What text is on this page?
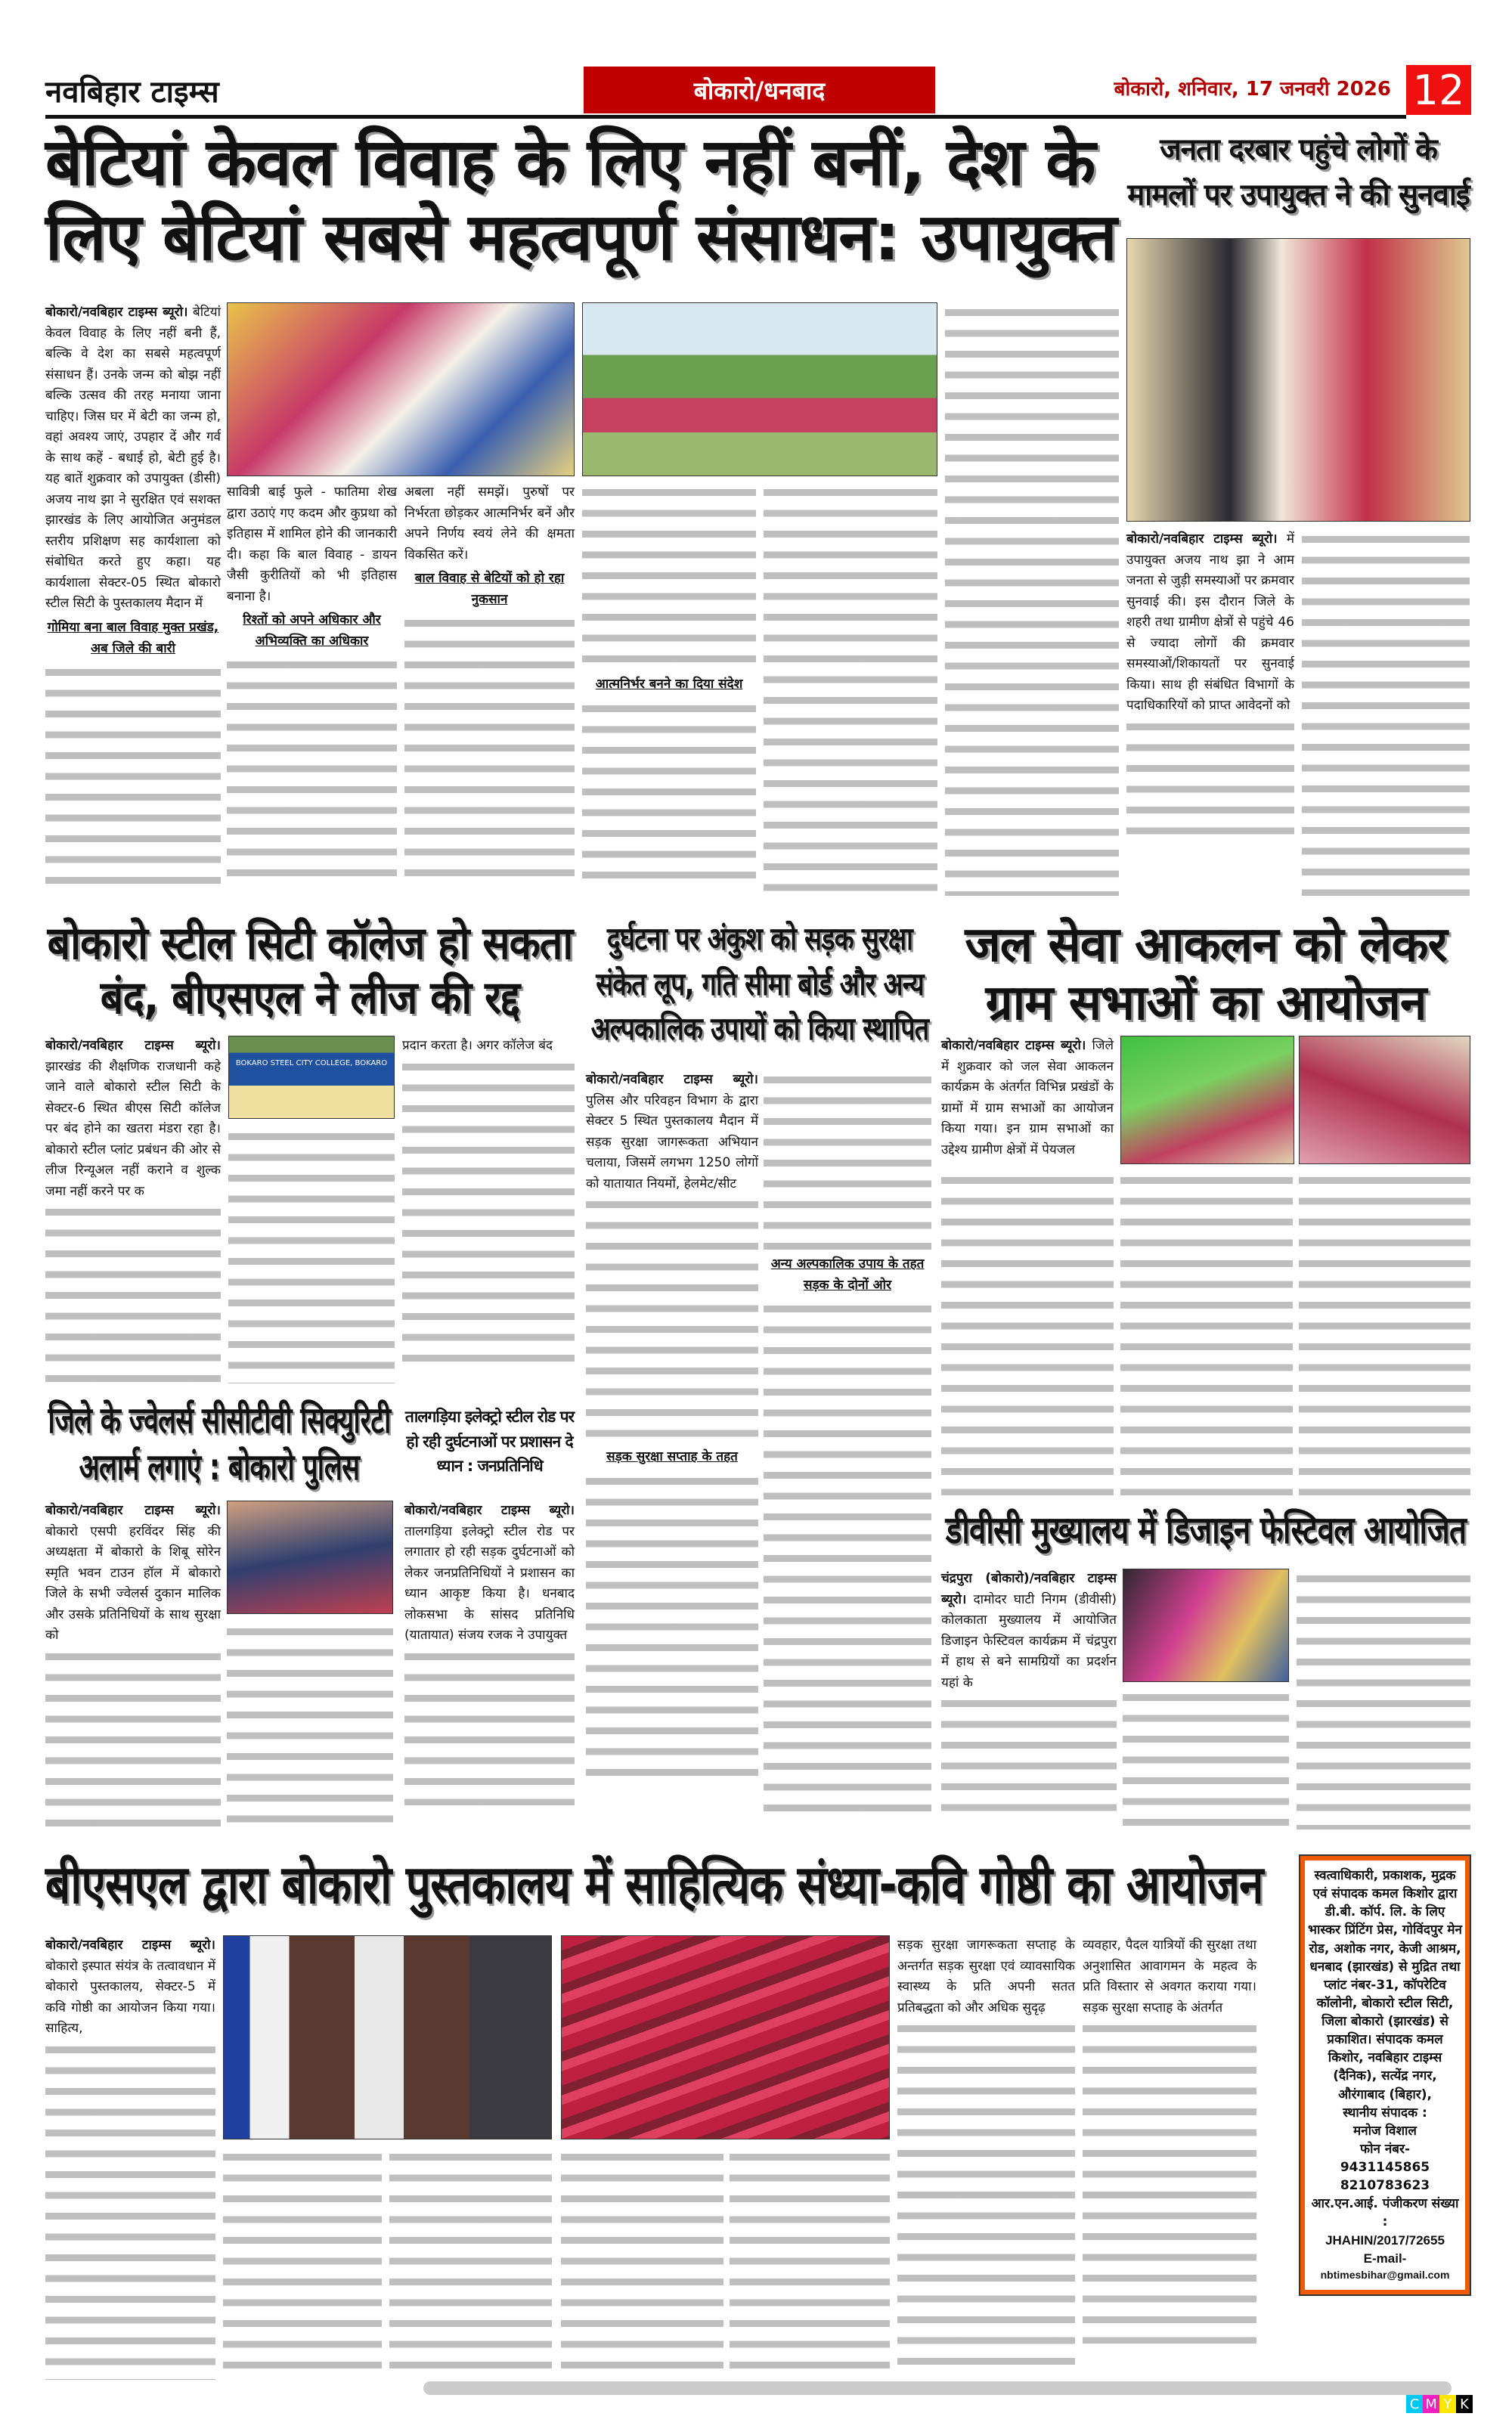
नवबिहार टाइम्स	बोकारो/धनबाद	बोकारो, शनिवार, 17 जनवरी 2026 12
बेटियां केवल विवाह के लिए नहीं बनीं, देश के लिए बेटियां सबसे महत्वपूर्ण संसाधन: उपायुक्त
बोकारो/नवबिहार टाइम्स ब्यूरो। बेटियां केवल विवाह के लिए नहीं बनी हैं, बल्कि वे देश का सबसे महत्वपूर्ण संसाधन हैं। उनके जन्म को बोझ नहीं बल्कि उत्सव की तरह मनाया जाना चाहिए। जिस घर में बेटी का जन्म हो, वहां अवश्य जाएं, उपहार दें और गर्व के साथ कहें - बधाई हो, बेटी हुई है। यह बातें शुक्रवार को उपायुक्त (डीसी) अजय नाथ झा ने सुरक्षित एवं सशक्त झारखंड के लिए आयोजित अनुमंडल स्तरीय प्रशिक्षण सह कार्यशाला को संबोधित करते हुए कहा। यह कार्यशाला सेक्टर-05 स्थित बोकारो स्टील सिटी के पुस्तकालय मैदान में
गोमिया बना बाल विवाह मुक्त प्रखंड, अब जिले की बारी
सावित्री बाई फुले - फातिमा शेख द्वारा उठाएं गए कदम और कुप्रथा को इतिहास में शामिल होने की जानकारी दी। कहा कि बाल विवाह - डायन जैसी कुरीतियों को भी इतिहास बनाना है।
रिश्तों को अपने अधिकार और अभिव्यक्ति का अधिकार
अबला नहीं समझें। पुरुषों पर निर्भरता छोड़कर आत्मनिर्भर बनें और अपने निर्णय स्वयं लेने की क्षमता विकसित करें।
बाल विवाह से बेटियों को हो रहा नुकसान
आत्मनिर्भर बनने का दिया संदेश
जनता दरबार पहुंचे लोगों के मामलों पर उपायुक्त ने की सुनवाई
बोकारो/नवबिहार टाइम्स ब्यूरो। में उपायुक्त अजय नाथ झा ने आम जनता से जुड़ी समस्याओं पर क्रमवार सुनवाई की। इस दौरान जिले के शहरी तथा ग्रामीण क्षेत्रों से पहुंचे 46 से ज्यादा लोगों की क्रमवार समस्याओं/शिकायतों पर सुनवाई किया। साथ ही संबंधित विभागों के पदाधिकारियों को प्राप्त आवेदनों को
बोकारो स्टील सिटी कॉलेज हो सकता बंद, बीएसएल ने लीज की रद्द
बोकारो/नवबिहार टाइम्स ब्यूरो। झारखंड की शैक्षणिक राजधानी कहे जाने वाले बोकारो स्टील सिटी के सेक्टर-6 स्थित बीएस सिटी कॉलेज पर बंद होने का खतरा मंडरा रहा है। बोकारो स्टील प्लांट प्रबंधन की ओर से लीज रिन्यूअल नहीं कराने व शुल्क जमा नहीं करने पर क
BOKARO STEEL CITY COLLEGE, BOKARO
प्रदान करता है। अगर कॉलेज बंद
दुर्घटना पर अंकुश को सड़क सुरक्षा संकेत लूप, गति सीमा बोर्ड और अन्य अल्पकालिक उपायों को किया स्थापित
बोकारो/नवबिहार टाइम्स ब्यूरो। पुलिस और परिवहन विभाग के द्वारा सेक्टर 5 स्थित पुस्तकालय मैदान में सड़क सुरक्षा जागरूकता अभियान चलाया, जिसमें लगभग 1250 लोगों को यातायात नियमों, हेलमेट/सीट
सड़क सुरक्षा सप्ताह के तहत
अन्य अल्पकालिक उपाय के तहत सड़क के दोनों ओर
जल सेवा आकलन को लेकर ग्राम सभाओं का आयोजन
बोकारो/नवबिहार टाइम्स ब्यूरो। जिले में शुक्रवार को जल सेवा आकलन कार्यक्रम के अंतर्गत विभिन्न प्रखंडों के ग्रामों में ग्राम सभाओं का आयोजन किया गया। इन ग्राम सभाओं का उद्देश्य ग्रामीण क्षेत्रों में पेयजल
जिले के ज्वेलर्स सीसीटीवी सिक्युरिटी अलार्म लगाएं : बोकारो पुलिस
बोकारो/नवबिहार टाइम्स ब्यूरो। बोकारो एसपी हरविंदर सिंह की अध्यक्षता में बोकारो के शिबू सोरेन स्मृति भवन टाउन हॉल में बोकारो जिले के सभी ज्वेलर्स दुकान मालिक और उसके प्रतिनिधियों के साथ सुरक्षा को
तालगड़िया इलेक्ट्रो स्टील रोड पर हो रही दुर्घटनाओं पर प्रशासन दे ध्यान : जनप्रतिनिधि
बोकारो/नवबिहार टाइम्स ब्यूरो। तालगड़िया इलेक्ट्रो स्टील रोड पर लगातार हो रही सड़क दुर्घटनाओं को लेकर जनप्रतिनिधियों ने प्रशासन का ध्यान आकृष्ट किया है। धनबाद लोकसभा के सांसद प्रतिनिधि (यातायात) संजय रजक ने उपायुक्त
डीवीसी मुख्यालय में डिजाइन फेस्टिवल आयोजित
चंद्रपुरा (बोकारो)/नवबिहार टाइम्स ब्यूरो। दामोदर घाटी निगम (डीवीसी) कोलकाता मुख्यालय में आयोजित डिजाइन फेस्टिवल कार्यक्रम में चंद्रपुरा में हाथ से बने सामग्रियों का प्रदर्शन यहां के
बीएसएल द्वारा बोकारो पुस्तकालय में साहित्यिक संध्या-कवि गोष्ठी का आयोजन
बोकारो/नवबिहार टाइम्स ब्यूरो। बोकारो इस्पात संयंत्र के तत्वावधान में बोकारो पुस्तकालय, सेक्टर-5 में कवि गोष्ठी का आयोजन किया गया। साहित्य,
सड़क सुरक्षा जागरूकता सप्ताह के अन्तर्गत सड़क सुरक्षा एवं व्यावसायिक स्वास्थ्य के प्रति अपनी सतत प्रतिबद्धता को और अधिक सुदृढ़
व्यवहार, पैदल यात्रियों की सुरक्षा तथा अनुशासित आवागमन के महत्व के प्रति विस्तार से अवगत कराया गया। सड़क सुरक्षा सप्ताह के अंतर्गत
स्वत्वाधिकारी, प्रकाशक, मुद्रक एवं संपादक कमल किशोर द्वारा डी.बी. कॉर्प. लि. के लिए भास्कर प्रिंटिंग प्रेस, गोविंदपुर मेन रोड, अशोक नगर, केजी आश्रम, धनबाद (झारखंड) से मुद्रित तथा प्लांट नंबर-31, कॉपरेटिव कॉलोनी, बोकारो स्टील सिटी, जिला बोकारो (झारखंड) से प्रकाशित। संपादक कमल किशोर, नवबिहार टाइम्स (दैनिक), सत्येंद्र नगर, औरंगाबाद (बिहार),
स्थानीय संपादक :
मनोज विशाल
फोन नंबर-
9431145865
8210783623
आर.एन.आई. पंजीकरण संख्या :
JHAHIN/2017/72655
E-mail-
nbtimesbihar@gmail.com
C M Y K
